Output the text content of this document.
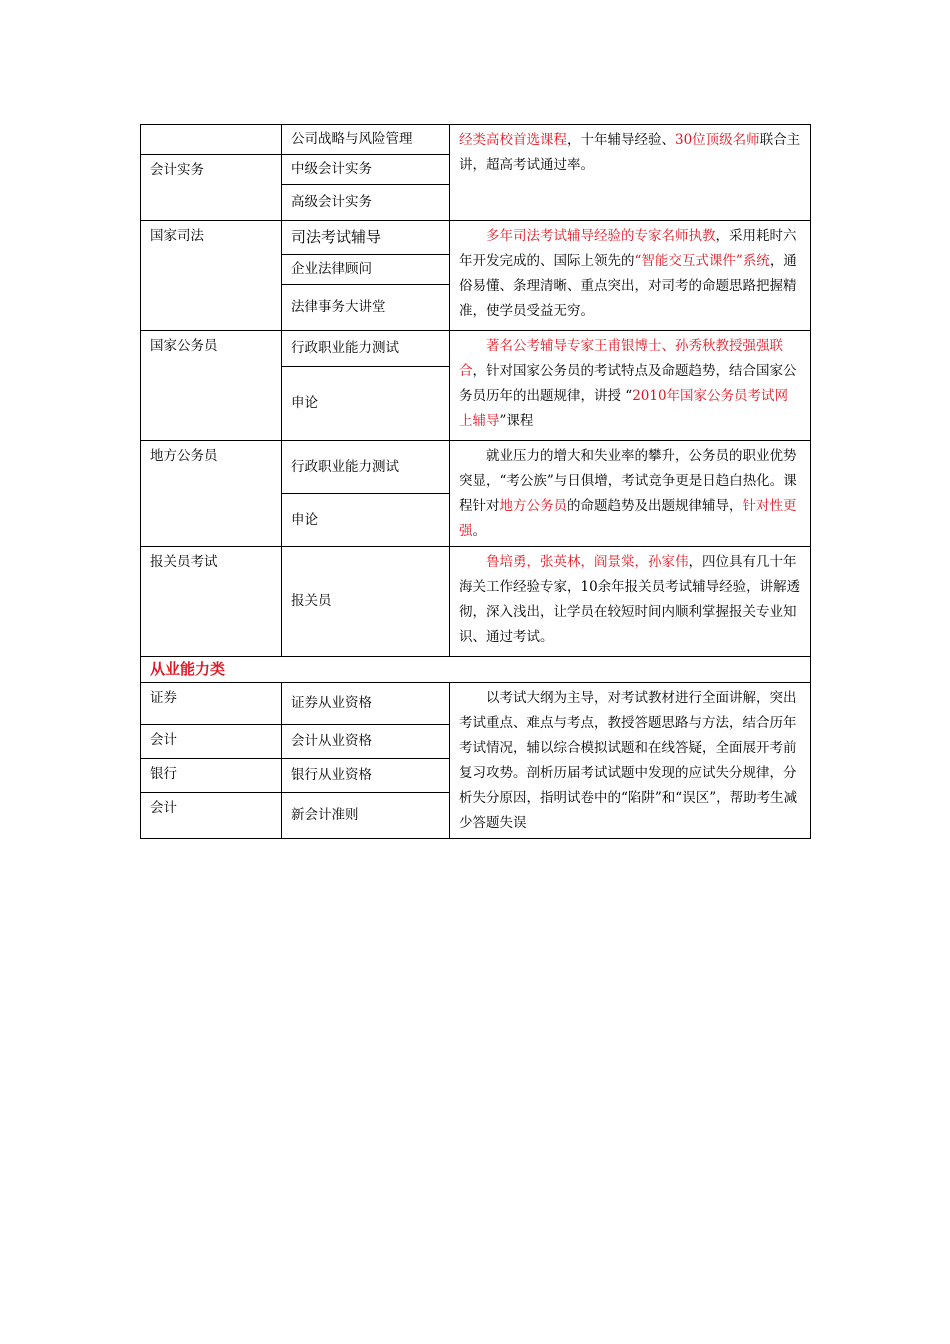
	公司战略与风险管理	经类高校首选课程，十年辅导经验、30位顶级名师联合主讲，超高考试通过率。
会计实务	中级会计实务	
	高级会计实务	
国家司法	司法考试辅导	多年司法考试辅导经验的专家名师执教，采用耗时六年开发完成的、国际上领先的“智能交互式课件”系统，通俗易懂、条理清晰、重点突出，对司考的命题思路把握精准，使学员受益无穷。
	企业法律顾问	
	法律事务大讲堂	
国家公务员	行政职业能力测试	著名公考辅导专家王甫银博士、孙秀秋教授强强联合，针对国家公务员的考试特点及命题趋势，结合国家公务员历年的出题规律，讲授 “2010年国家公务员考试网上辅导”课程
	申论	
地方公务员	行政职业能力测试	就业压力的增大和失业率的攀升，公务员的职业优势突显，“考公族”与日俱增，考试竞争更是日趋白热化。课程针对地方公务员的命题趋势及出题规律辅导，针对性更强。
	申论	
报关员考试	报关员	鲁培勇，张英林，阎景棠，孙家伟，四位具有几十年海关工作经验专家，10余年报关员考试辅导经验，讲解透彻，深入浅出，让学员在较短时间内顺利掌握报关专业知识、通过考试。
从业能力类		
证券	证券从业资格	以考试大纲为主导，对考试教材进行全面讲解，突出考试重点、难点与考点，教授答题思路与方法，结合历年考试情况，辅以综合模拟试题和在线答疑，全面展开考前复习攻势。剖析历届考试试题中发现的应试失分规律，分析失分原因，指明试卷中的“陷阱”和“误区”，帮助考生减少答题失误
会计	会计从业资格	
银行	银行从业资格	
会计	新会计准则	
